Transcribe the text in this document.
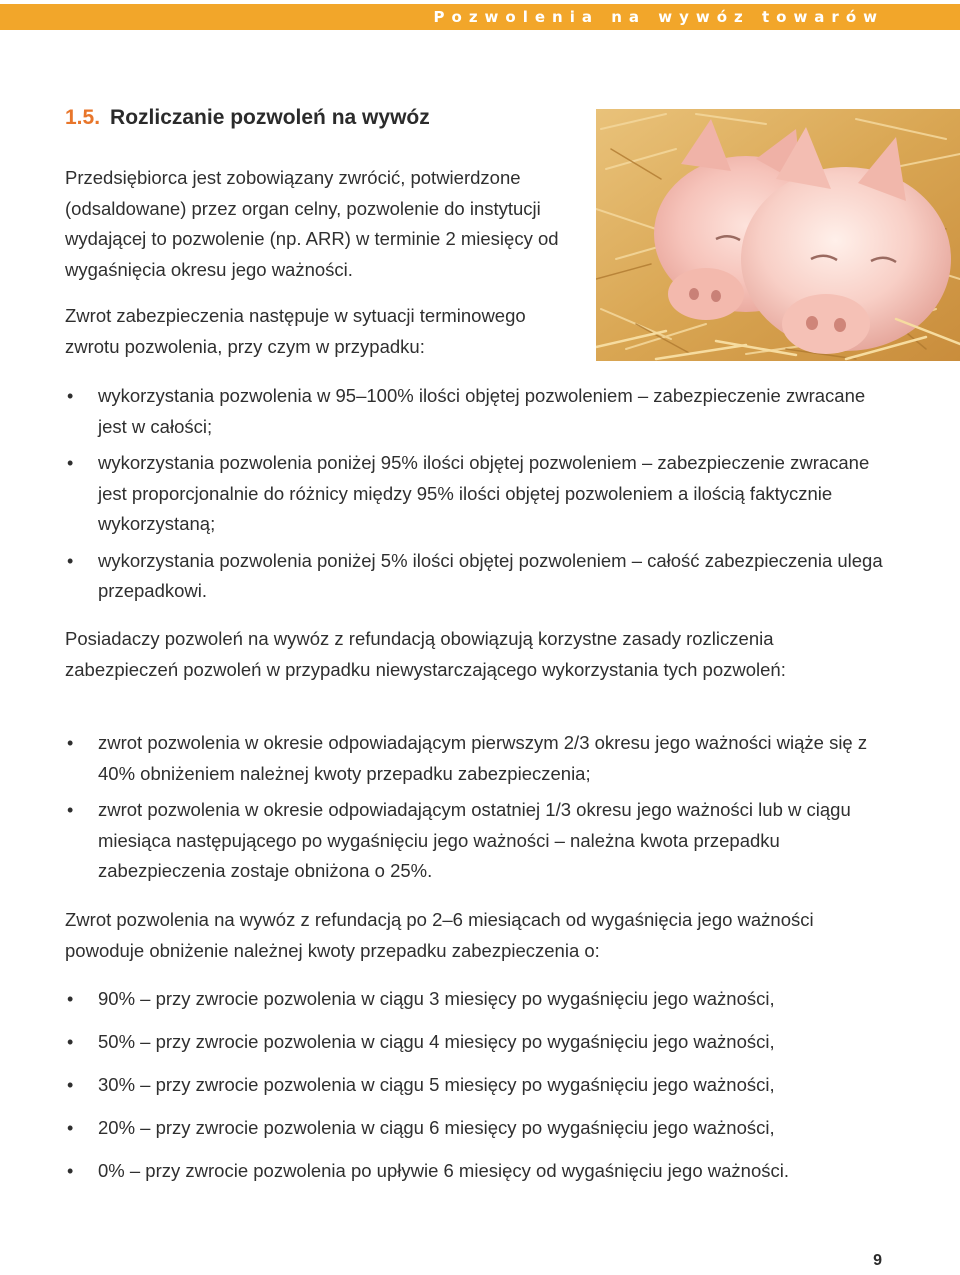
Pozwolenia na wywóz towarów
1.5. Rozliczanie pozwoleń na wywóz
Przedsiębiorca jest zobowiązany zwrócić, potwierdzone (odsaldowane) przez organ celny, pozwolenie do instytucji wydającej to pozwolenie (np. ARR) w terminie 2 miesięcy od wygaśnięcia okresu jego ważności.
Zwrot zabezpieczenia następuje w sytuacji terminowego zwrotu pozwolenia, przy czym w przypadku:
• wykorzystania pozwolenia w 95–100% ilości objętej pozwoleniem – zabezpieczenie zwracane jest w całości;
• wykorzystania pozwolenia poniżej 95% ilości objętej pozwoleniem – zabezpieczenie zwracane jest proporcjonalnie do różnicy między 95% ilości objętej pozwoleniem a ilością faktycznie wykorzystaną;
• wykorzystania pozwolenia poniżej 5% ilości objętej pozwoleniem – całość zabezpieczenia ulega przepadkowi.
Posiadaczy pozwoleń na wywóz z refundacją obowiązują korzystne zasady rozliczenia zabezpieczeń pozwoleń w przypadku niewystarczającego wykorzystania tych pozwoleń:
• zwrot pozwolenia w okresie odpowiadającym pierwszym 2/3 okresu jego ważności wiąże się z 40% obniżeniem należnej kwoty przepadku zabezpieczenia;
• zwrot pozwolenia w okresie odpowiadającym ostatniej 1/3 okresu jego ważności lub w ciągu miesiąca następującego po wygaśnięciu jego ważności – należna kwota przepadku zabezpieczenia zostaje obniżona o 25%.
Zwrot pozwolenia na wywóz z refundacją po 2–6 miesiącach od wygaśnięcia jego ważności powoduje obniżenie należnej kwoty przepadku zabezpieczenia o:
• 90% – przy zwrocie pozwolenia w ciągu 3 miesięcy po wygaśnięciu jego ważności,
• 50% – przy zwrocie pozwolenia w ciągu 4 miesięcy po wygaśnięciu jego ważności,
• 30% – przy zwrocie pozwolenia w ciągu 5 miesięcy po wygaśnięciu jego ważności,
• 20% – przy zwrocie pozwolenia w ciągu 6 miesięcy po wygaśnięciu jego ważności,
• 0% – przy zwrocie pozwolenia po upływie 6 miesięcy od wygaśnięciu jego ważności.
9
